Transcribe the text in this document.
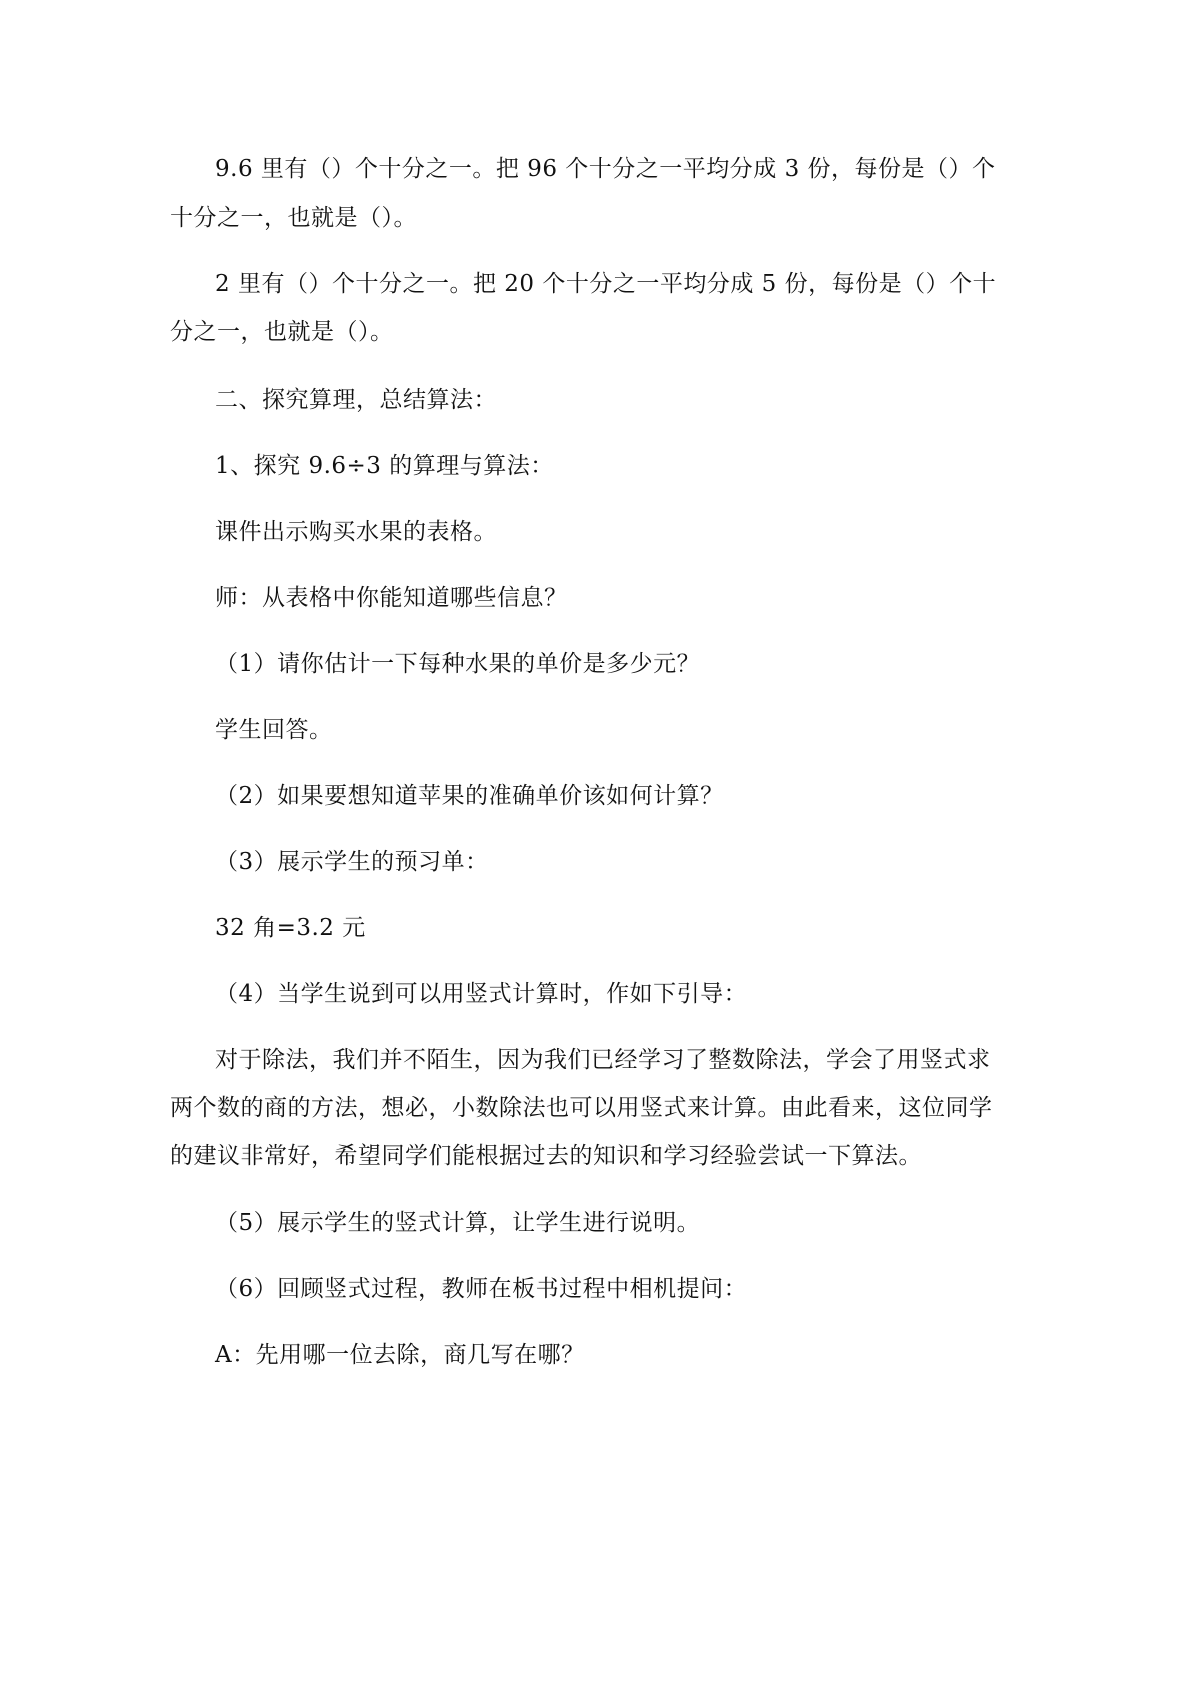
9.6 里有（）个十分之一。把 96 个十分之一平均分成 3 份，每份是（）个
十分之一，也就是（）。
2 里有（）个十分之一。把 20 个十分之一平均分成 5 份，每份是（）个十
分之一，也就是（）。
二、探究算理，总结算法：
1、探究 9.6÷3 的算理与算法：
课件出示购买水果的表格。
师：从表格中你能知道哪些信息？
（1）请你估计一下每种水果的单价是多少元？
学生回答。
（2）如果要想知道苹果的准确单价该如何计算？
（3）展示学生的预习单：
32 角=3.2 元
（4）当学生说到可以用竖式计算时，作如下引导：
对于除法，我们并不陌生，因为我们已经学习了整数除法，学会了用竖式求
两个数的商的方法，想必，小数除法也可以用竖式来计算。由此看来，这位同学
的建议非常好，希望同学们能根据过去的知识和学习经验尝试一下算法。
（5）展示学生的竖式计算，让学生进行说明。
（6）回顾竖式过程，教师在板书过程中相机提问：
A：先用哪一位去除，商几写在哪？
